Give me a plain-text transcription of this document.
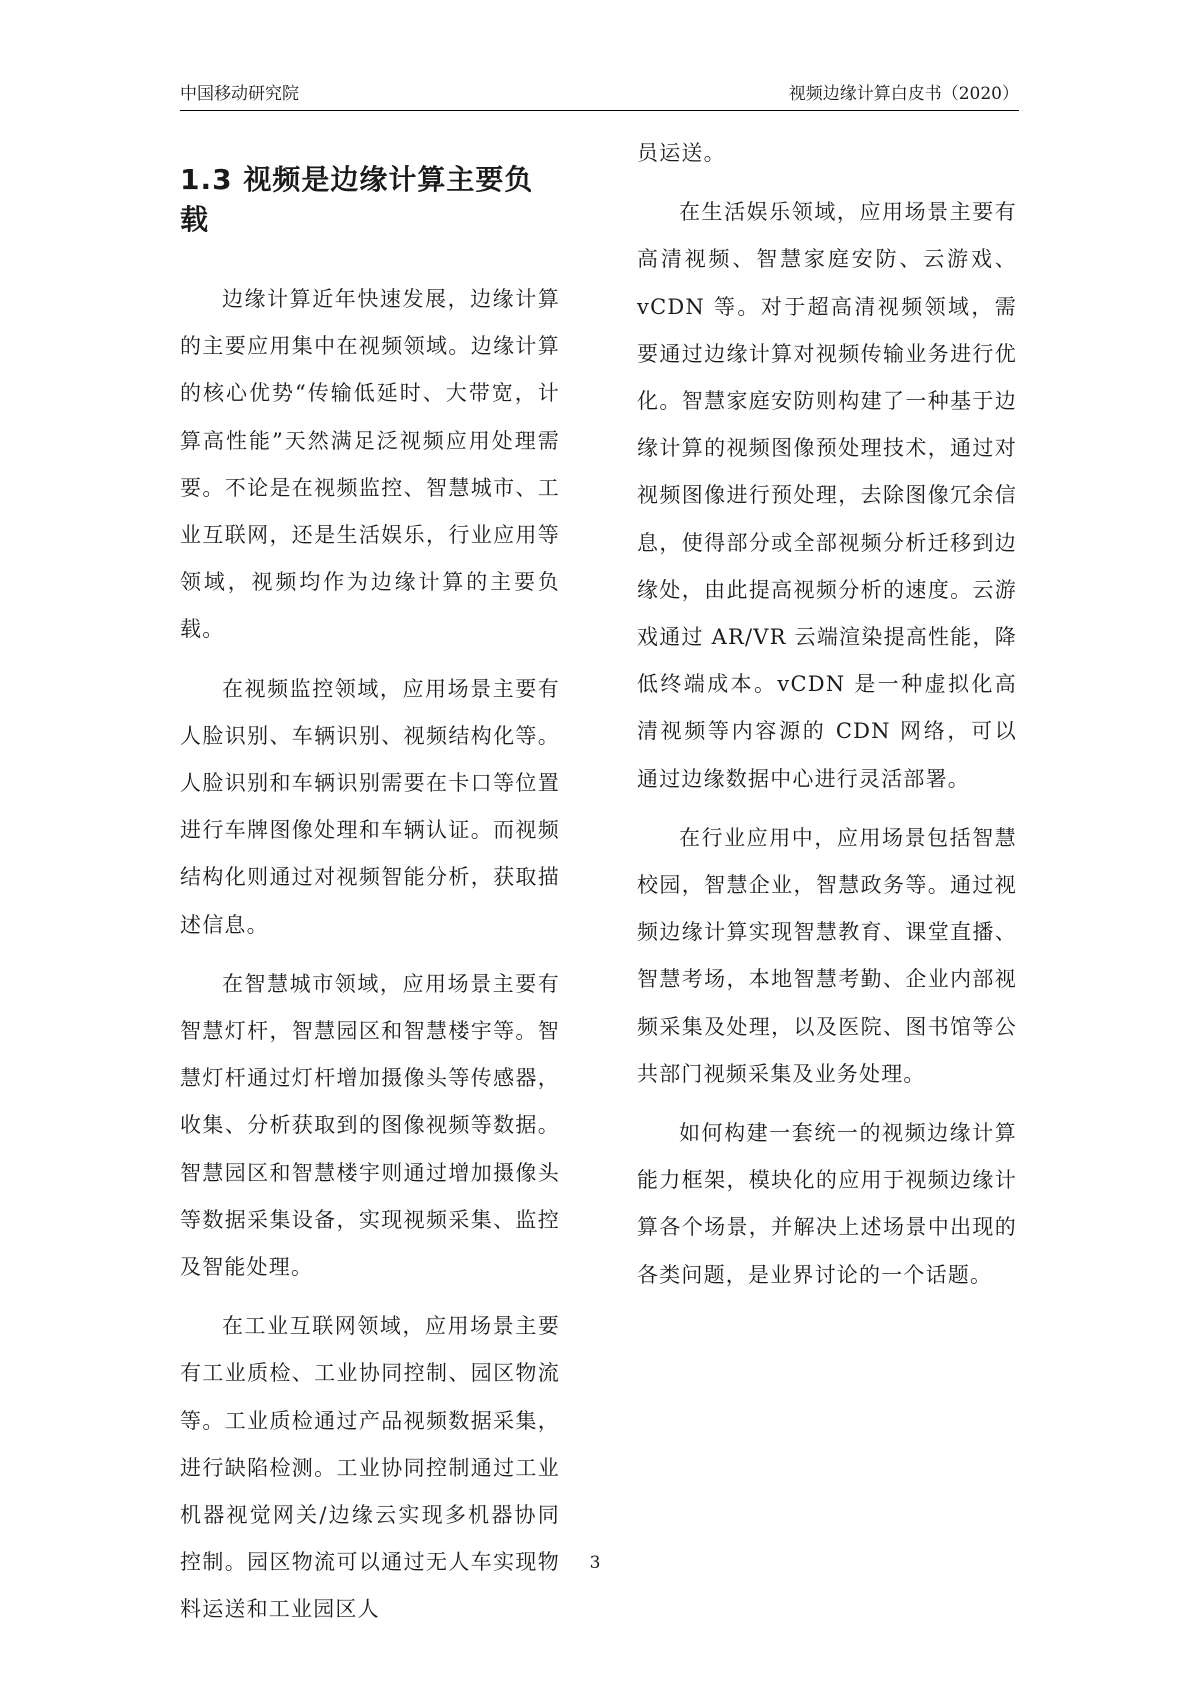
中国移动研究院	视频边缘计算白皮书（2020）
1.3 视频是边缘计算主要负载

边缘计算近年快速发展，边缘计算的主要应用集中在视频领域。边缘计算的核心优势“传输低延时、大带宽，计算高性能”天然满足泛视频应用处理需要。不论是在视频监控、智慧城市、工业互联网，还是生活娱乐，行业应用等领域，视频均作为边缘计算的主要负载。

在视频监控领域，应用场景主要有人脸识别、车辆识别、视频结构化等。人脸识别和车辆识别需要在卡口等位置进行车牌图像处理和车辆认证。而视频结构化则通过对视频智能分析，获取描述信息。

在智慧城市领域，应用场景主要有智慧灯杆，智慧园区和智慧楼宇等。智慧灯杆通过灯杆增加摄像头等传感器，收集、分析获取到的图像视频等数据。智慧园区和智慧楼宇则通过增加摄像头等数据采集设备，实现视频采集、监控及智能处理。

在工业互联网领域，应用场景主要有工业质检、工业协同控制、园区物流等。工业质检通过产品视频数据采集，进行缺陷检测。工业协同控制通过工业机器视觉网关/边缘云实现多机器协同控制。园区物流可以通过无人车实现物料运送和工业园区人

员运送。

在生活娱乐领域，应用场景主要有高清视频、智慧家庭安防、云游戏、vCDN 等。对于超高清视频领域，需要通过边缘计算对视频传输业务进行优化。智慧家庭安防则构建了一种基于边缘计算的视频图像预处理技术，通过对视频图像进行预处理，去除图像冗余信息，使得部分或全部视频分析迁移到边缘处，由此提高视频分析的速度。云游戏通过 AR/VR 云端渲染提高性能，降低终端成本。vCDN 是一种虚拟化高清视频等内容源的 CDN 网络，可以通过边缘数据中心进行灵活部署。

在行业应用中，应用场景包括智慧校园，智慧企业，智慧政务等。通过视频边缘计算实现智慧教育、课堂直播、智慧考场，本地智慧考勤、企业内部视频采集及处理，以及医院、图书馆等公共部门视频采集及业务处理。

如何构建一套统一的视频边缘计算能力框架，模块化的应用于视频边缘计算各个场景，并解决上述场景中出现的各类问题，是业界讨论的一个话题。

3
